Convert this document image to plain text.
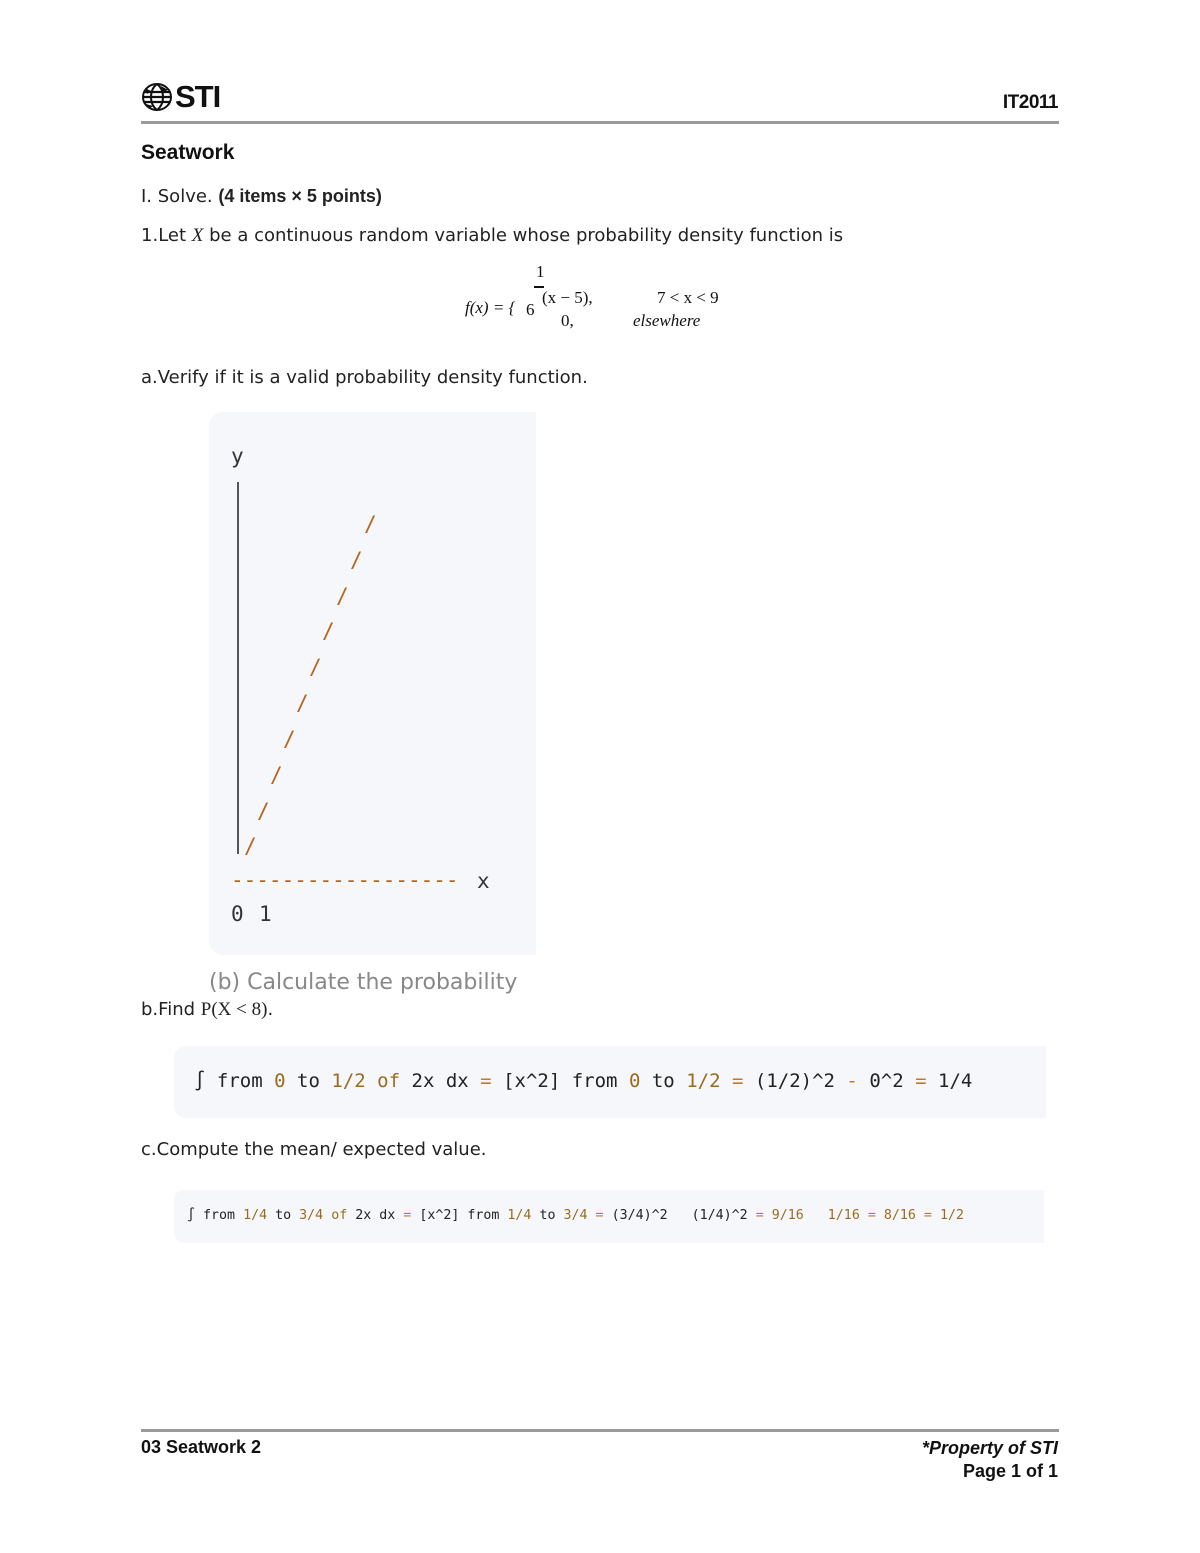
STI	IT2011
Seatwork
I. Solve. (4 items × 5 points)
1.Let X be a continuous random variable whose probability density function is
1
f(x) = { 6
(x − 5),	7 < x < 9
0,	elsewhere
a.Verify if it is a valid probability density function.
y
/
/
/
/
/
/
/
/
/
/
------------------ x
0 1
(b) Calculate the probability
b.Find P(X < 8).
∫ from 0 to 1/2 of 2x dx = [x^2] from 0 to 1/2 = (1/2)^2 - 0^2 = 1/4
c.Compute the mean/ expected value.
∫ from 1/4 to 3/4 of 2x dx = [x^2] from 1/4 to 3/4 = (3/4)^2 (1/4)^2 = 9/16 1/16 = 8/16 = 1/2
03 Seatwork 2	*Property of STI
Page 1 of 1
